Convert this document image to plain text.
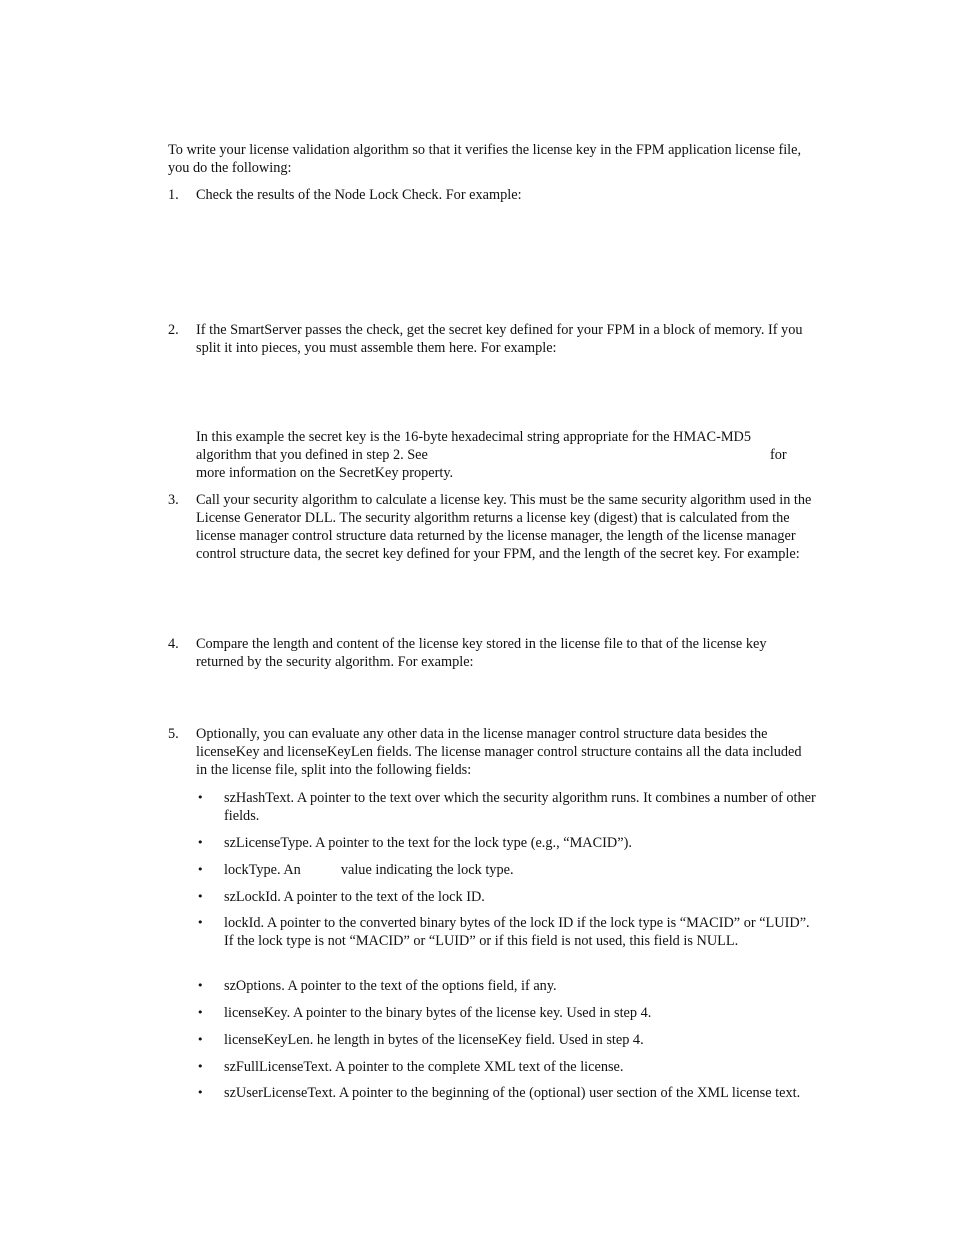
To write your license validation algorithm so that it verifies the license key in the FPM application license file, you do the following:

1. Check the results of the Node Lock Check. For example:

2. If the SmartServer passes the check, get the secret key defined for your FPM in a block of memory. If you split it into pieces, you must assemble them here. For example:

In this example the secret key is the 16-byte hexadecimal string appropriate for the HMAC-MD5
algorithm that you defined in step 2. See	for
more information on the SecretKey property.
3. Call your security algorithm to calculate a license key. This must be the same security algorithm used in the License Generator DLL. The security algorithm returns a license key (digest) that is calculated from the license manager control structure data returned by the license manager, the length of the license manager control structure data, the secret key defined for your FPM, and the length of the secret key. For example:

4. Compare the length and content of the license key stored in the license file to that of the license key returned by the security algorithm. For example:

5. Optionally, you can evaluate any other data in the license manager control structure data besides the licenseKey and licenseKeyLen fields. The license manager control structure contains all the data included in the license file, split into the following fields:

• szHashText. A pointer to the text over which the security algorithm runs. It combines a number of other fields.

• szLicenseType. A pointer to the text for the lock type (e.g., “MACID”).

• lockType. An	value indicating the lock type.

• szLockId. A pointer to the text of the lock ID.

• lockId. A pointer to the converted binary bytes of the lock ID if the lock type is “MACID” or “LUID”. If the lock type is not “MACID” or “LUID” or if this field is not used, this field is NULL.

• szOptions. A pointer to the text of the options field, if any.

• licenseKey. A pointer to the binary bytes of the license key. Used in step 4.

• licenseKeyLen. he length in bytes of the licenseKey field. Used in step 4.

• szFullLicenseText. A pointer to the complete XML text of the license.

• szUserLicenseText. A pointer to the beginning of the (optional) user section of the XML license text.
